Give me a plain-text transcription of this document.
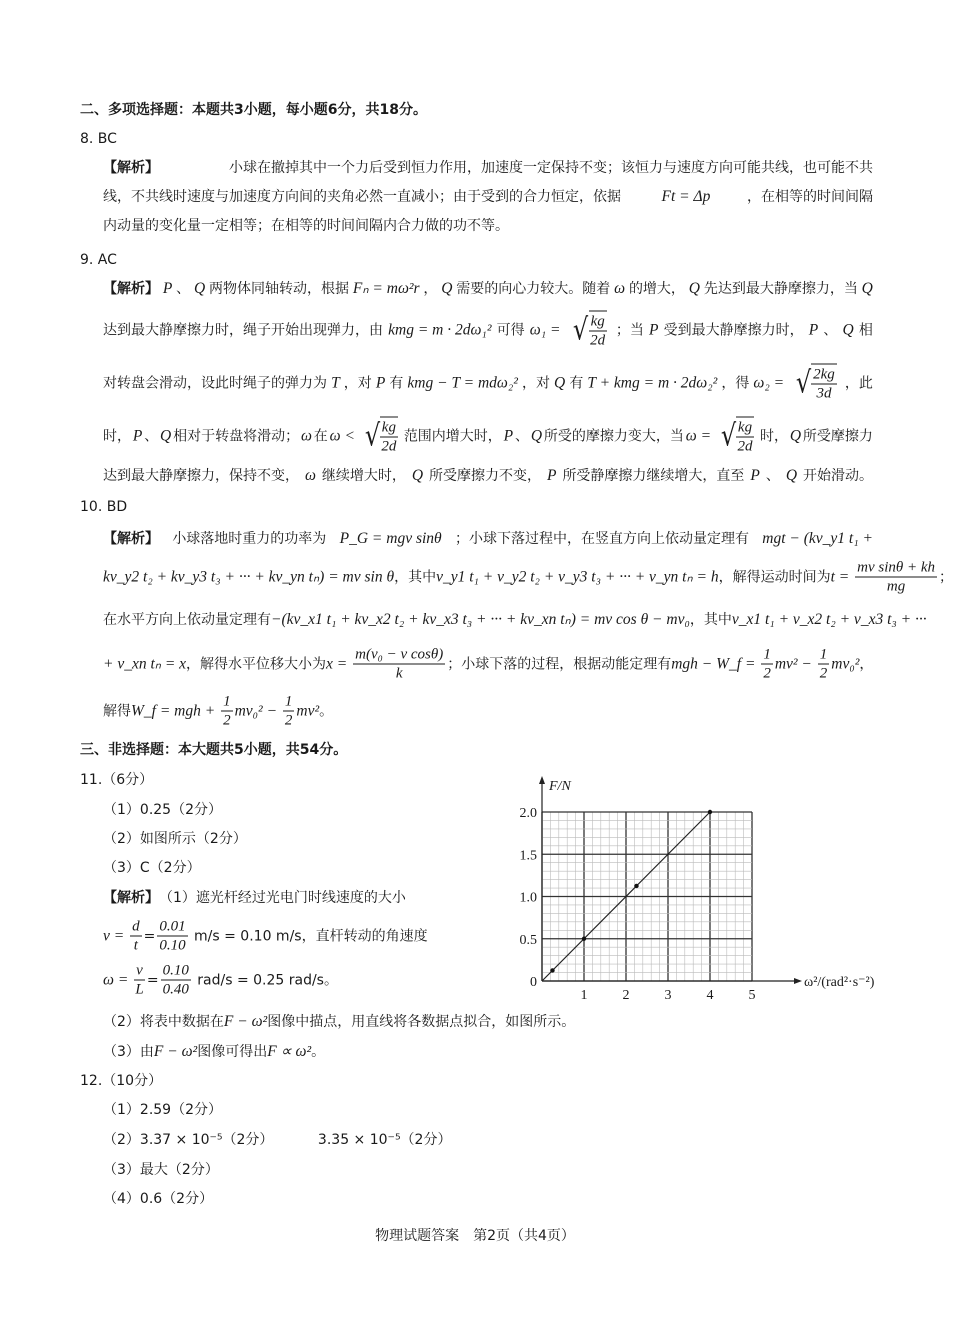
二、多项选择题：本题共3小题，每小题6分，共18分。
8. BC
【解析】	小球在撤掉其中一个力后受到恒力作用，加速度一定保持不变；该恒力与速度方向可能共线，也可能不共
线，不共线时速度与加速度方向间的夹角必然一直减小；由于受到的合力恒定，依据 Ft = Δp	，在相等的时间间隔
内动量的变化量一定相等；在相等的时间间隔内合力做的功不等。
9. AC
【解析】 P 、 Q 两物体同轴转动，根据 Fₙ = mω²r ， Q 需要的向心力较大。随着 ω 的增大， Q 先达到最大静摩擦力，当 Q
达到最大静摩擦力时，绳子开始出现弹力，由 kmg = m · 2dω₁² 可得 ω₁ = √ $\frac{kg}{2d}$ ；当 P 受到最大静摩擦力时， P 、 Q 相
对转盘会滑动，设此时绳子的弹力为 T ，对 P 有 kmg − T = mdω₂² ，对 Q 有 T + kmg = m · 2dω₂² ，得 ω₂ = √ $\frac{2kg}{3d}$ ，此
时， P 、 Q 相对于转盘将滑动； ω 在 ω < √ $\frac{kg}{2d}$ 范围内增大时， P 、 Q 所受的摩擦力变大，当 ω = √ $\frac{kg}{2d}$ 时， Q 所受摩擦力
达到最大静摩擦力，保持不变， ω 继续增大时， Q 所受摩擦力不变， P 所受静摩擦力继续增大，直至 P 、 Q 开始滑动。
10. BD
【解析】 小球落地时重力的功率为 P_G = mgv sinθ ；小球下落过程中，在竖直方向上依动量定理有 mgt − (kv_y1 t₁ +
kv_y2 t₂ + kv_y3 t₃ + ··· + kv_yn tₙ) = mv sin θ ，其中 v_y1 t₁ + v_y2 t₂ + v_y3 t₃ + ··· + v_yn tₙ = h ，解得运动时间为 $t = \frac{\text{mv sinθ + kh}}{mg}$ ；
在水平方向上依动量定理有 −(kv_x1 t₁ + kv_x2 t₂ + kv_x3 t₃ + ··· + kv_xn tₙ) = mv cos θ − mv₀ ，其中 v_x1 t₁ + v_x2 t₂ + v_x3 t₃ + ···
+ v_xn tₙ = x ，解得水平位移大小为 $x = \frac{\text{m(v₀ − v cosθ)}}{k}$ ；小球下落的过程，根据动能定理有 mgh − W_f = $\frac{1}{2} mv^2 - \frac{1}{2} mv_0^2$ ，
解得 W_f = mgh + $\frac{1}{2} mv_0^2 - \frac{1}{2} mv^2$ 。
三、非选择题：本大题共5小题，共54分。
11.（6分）
（1）0.25（2分）
（2）如图所示（2分）
（3）C（2分）
【解析】 （1）遮光杆经过光电门时线速度的大小
$v = \frac{d}{t} = \frac{0.01}{0.10} m/s = 0.10$ m/s，直杆转动的角速度
$\omega = \frac{v}{L} = \frac{0.10}{0.40} rad/s = 0.25$ rad/s。
（2）将表中数据在 F − ω² 图像中描点，用直线将各数据点拟合，如图所示。
（3）由 F − ω² 图像可得出 F ∝ ω² 。
12.（10分）
（1）2.59（2分）
（2）3.37 × 10⁻⁵（2分）          3.35 × 10⁻⁵（2分）
（3）最大（2分）
（4）0.6（2分）
1	2	3	4	5
0
0.5
1.0
1.5
2.0
ω²/(rad²·s⁻²)
F/N
物理试题答案　第2页（共4页）
